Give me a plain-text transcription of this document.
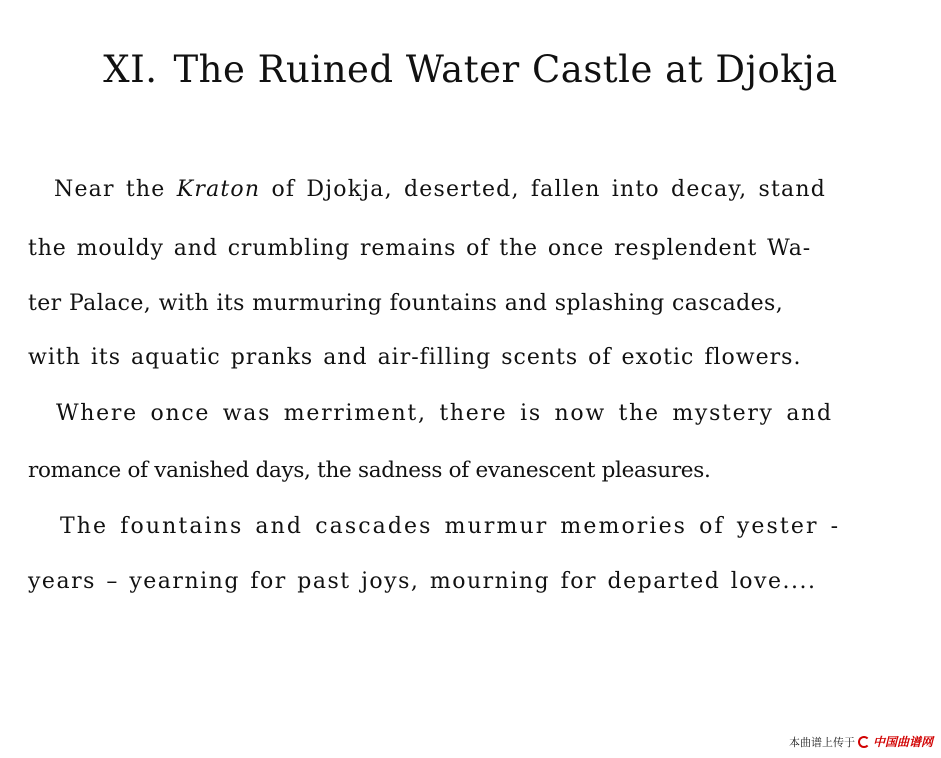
XI. The Ruined Water Castle at Djokja
Near the Kraton of Djokja, deserted, fallen into decay, stand
the mouldy and crumbling remains of the once resplendent Wa-
ter Palace, with its murmuring fountains and splashing cascades,
with its aquatic pranks and air-filling scents of exotic flowers.
Where once was merriment, there is now the mystery and
romance of vanished days, the sadness of evanescent pleasures.
The fountains and cascades murmur memories of yester -
years – yearning for past joys, mourning for departed love....
本曲谱上传于 中国曲谱网
